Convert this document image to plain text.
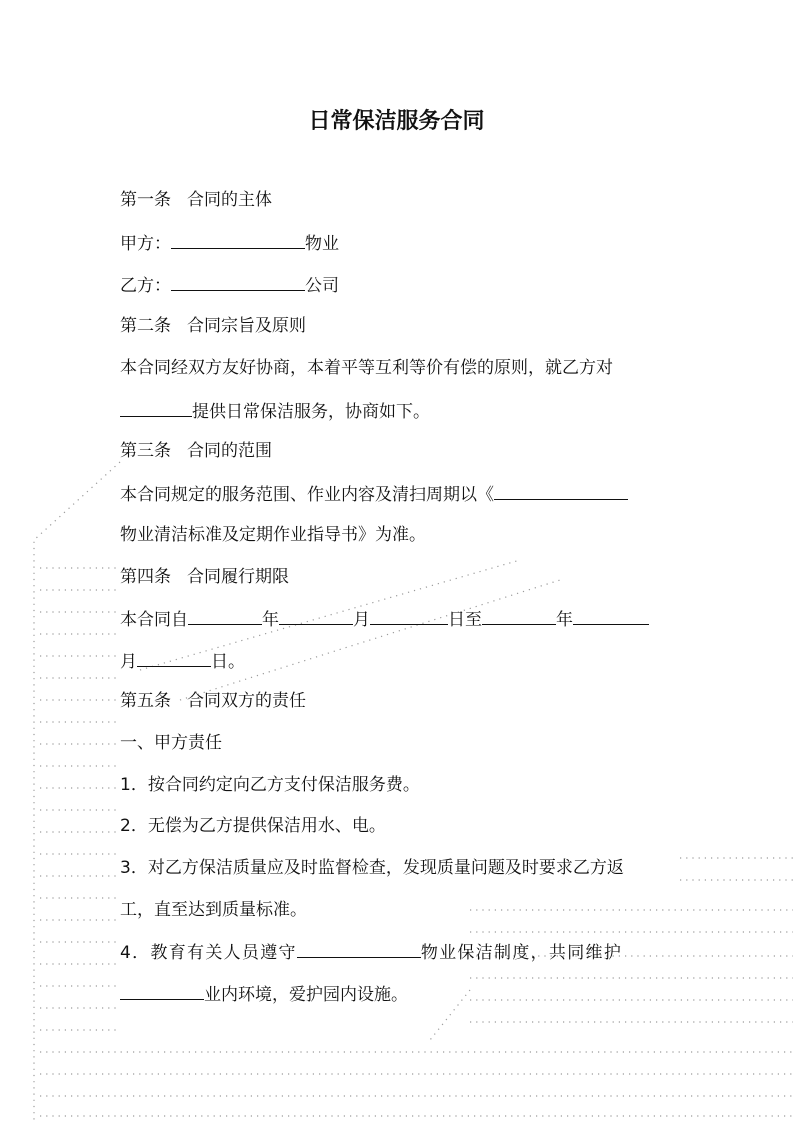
日常保洁服务合同
第一条 合同的主体
甲方：	物业
乙方：	公司
第二条 合同宗旨及原则
本合同经双方友好协商，本着平等互利等价有偿的原则，就乙方对
提供日常保洁服务，协商如下。
第三条 合同的范围
本合同规定的服务范围、作业内容及清扫周期以《
物业清洁标准及定期作业指导书》为准。
第四条 合同履行期限
本合同自	年	月	日至	年
月	日。
第五条 合同双方的责任
一、甲方责任
1．按合同约定向乙方支付保洁服务费。
2．无偿为乙方提供保洁用水、电。
3．对乙方保洁质量应及时监督检查，发现质量问题及时要求乙方返
工，直至达到质量标准。
4．教育有关人员遵守	物业保洁制度，共同维护
业内环境，爱护园内设施。
